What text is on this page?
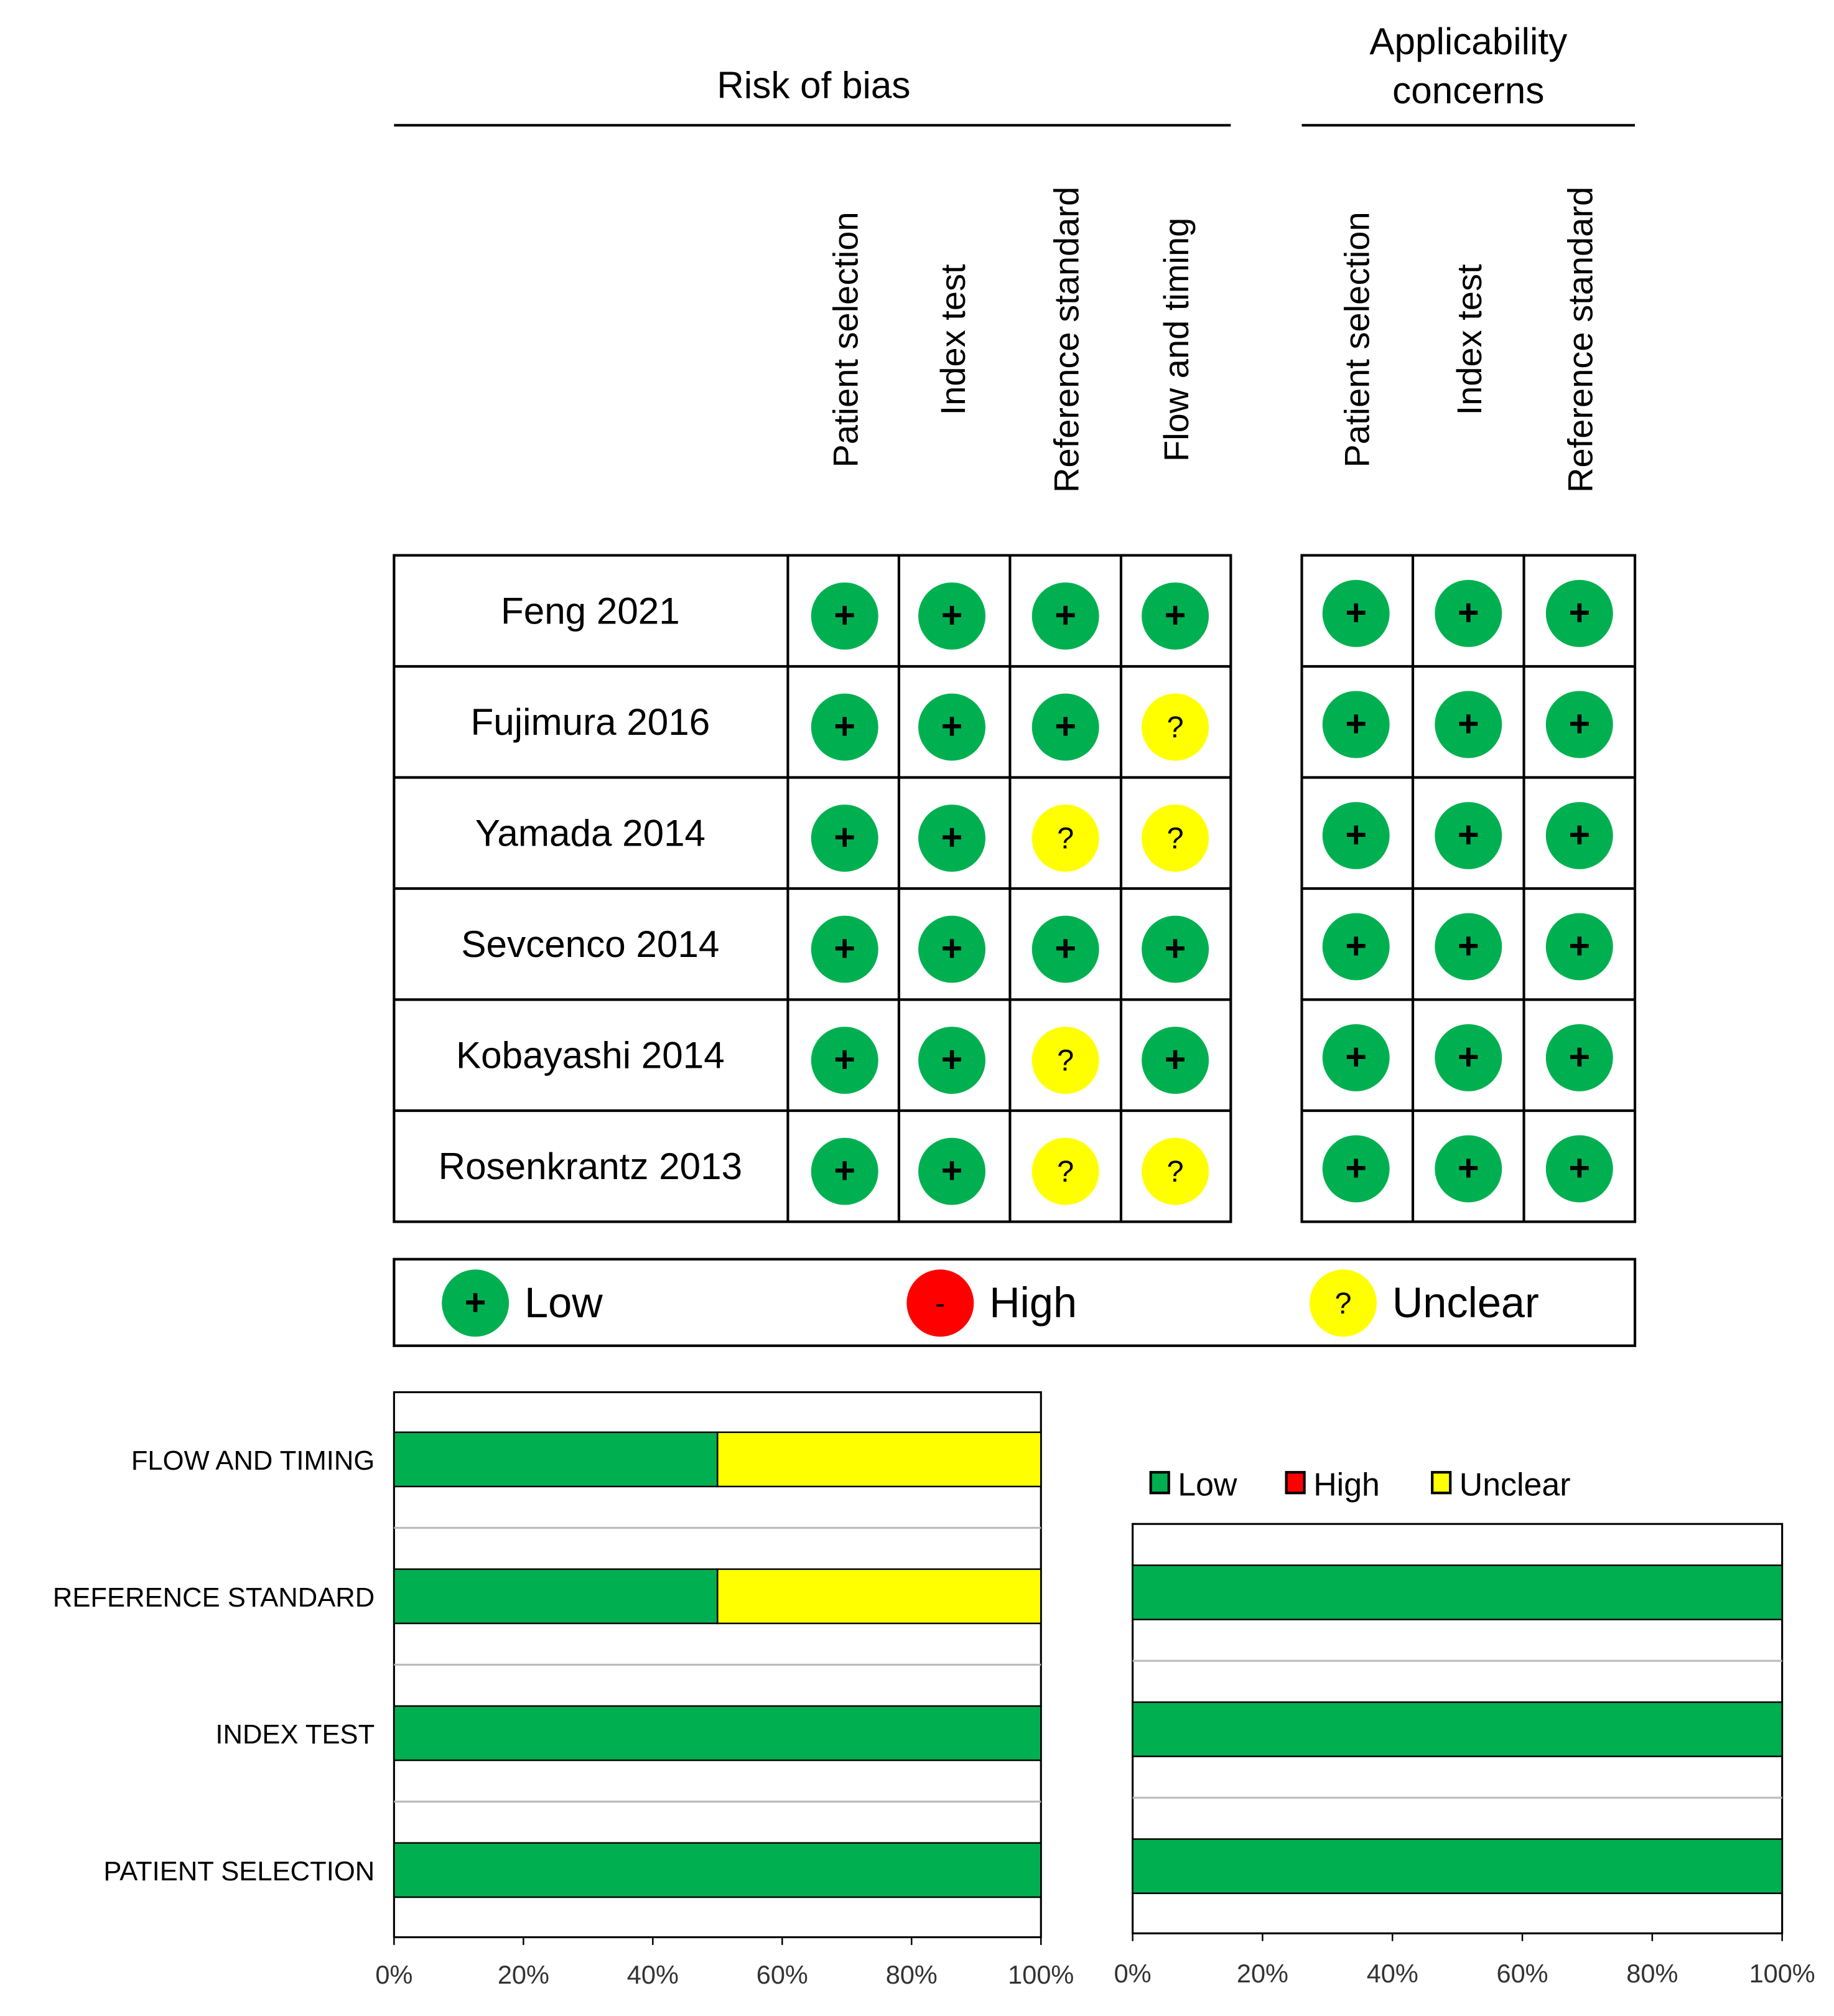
Risk of bias
Applicability
concerns
Patient selection	Index test	Reference standard	Flow and timing	Patient selection	Index test	Reference standard
Feng 2021	+	+	+	+	+	+	+
Fujimura 2016	+	+	+	?	+	+	+
Yamada 2014	+	+	?	?	+	+	+
Sevcenco 2014	+	+	+	+	+	+	+
Kobayashi 2014	+	+	?	+	+	+	+
Rosenkrantz 2013	+	+	?	?	+	+	+
+ Low	- High	? Unclear
FLOW AND TIMING
REFERENCE STANDARD
INDEX TEST
PATIENT SELECTION
0%	20%	40%	60%	80%	100%	0%	20%	40%	60%	80%	100%
Low	High	Unclear
